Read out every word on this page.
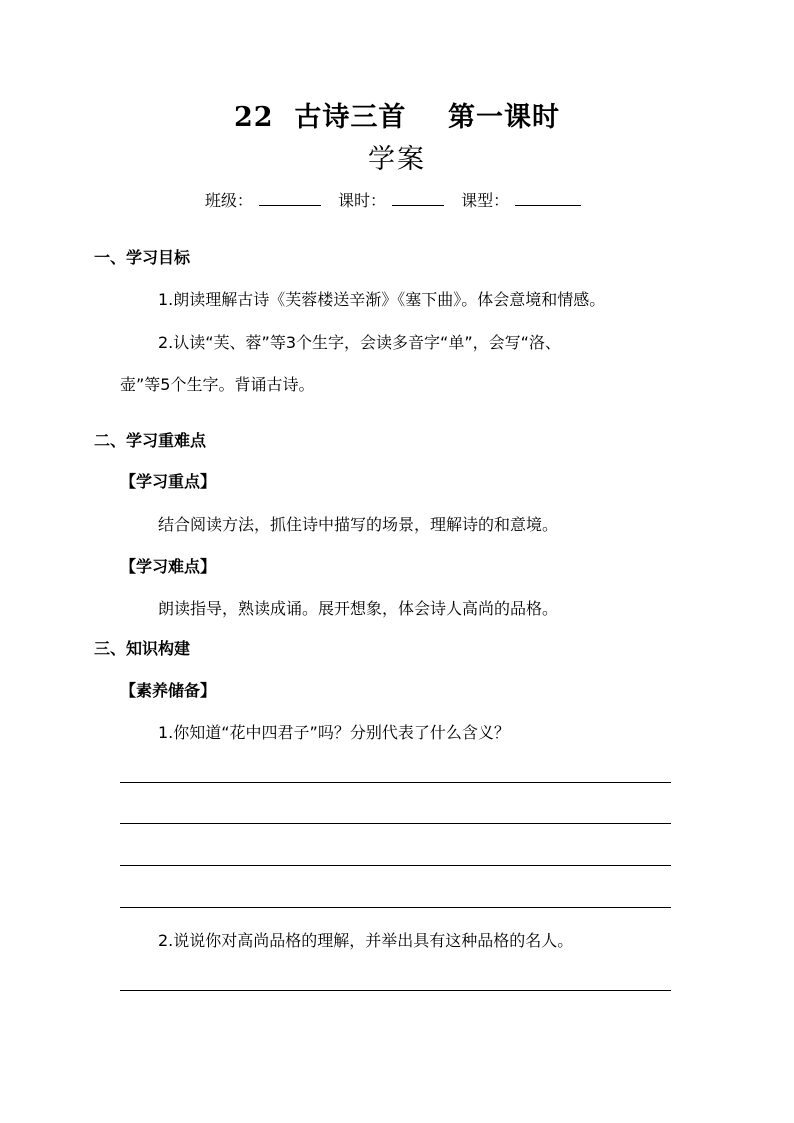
22  古诗三首    第一课时
学案
班级：	课时：	课型：
一、学习目标
1.朗读理解古诗《芙蓉楼送辛渐》《塞下曲》。体会意境和情感。
2.认读“芙、蓉”等3个生字，会读多音字“单”，会写“洛、
壶”等5个生字。背诵古诗。
二、学习重难点
【学习重点】
结合阅读方法，抓住诗中描写的场景，理解诗的和意境。
【学习难点】
朗读指导，熟读成诵。展开想象，体会诗人高尚的品格。
三、知识构建
【素养储备】
1.你知道“花中四君子”吗？分别代表了什么含义？
2.说说你对高尚品格的理解，并举出具有这种品格的名人。
